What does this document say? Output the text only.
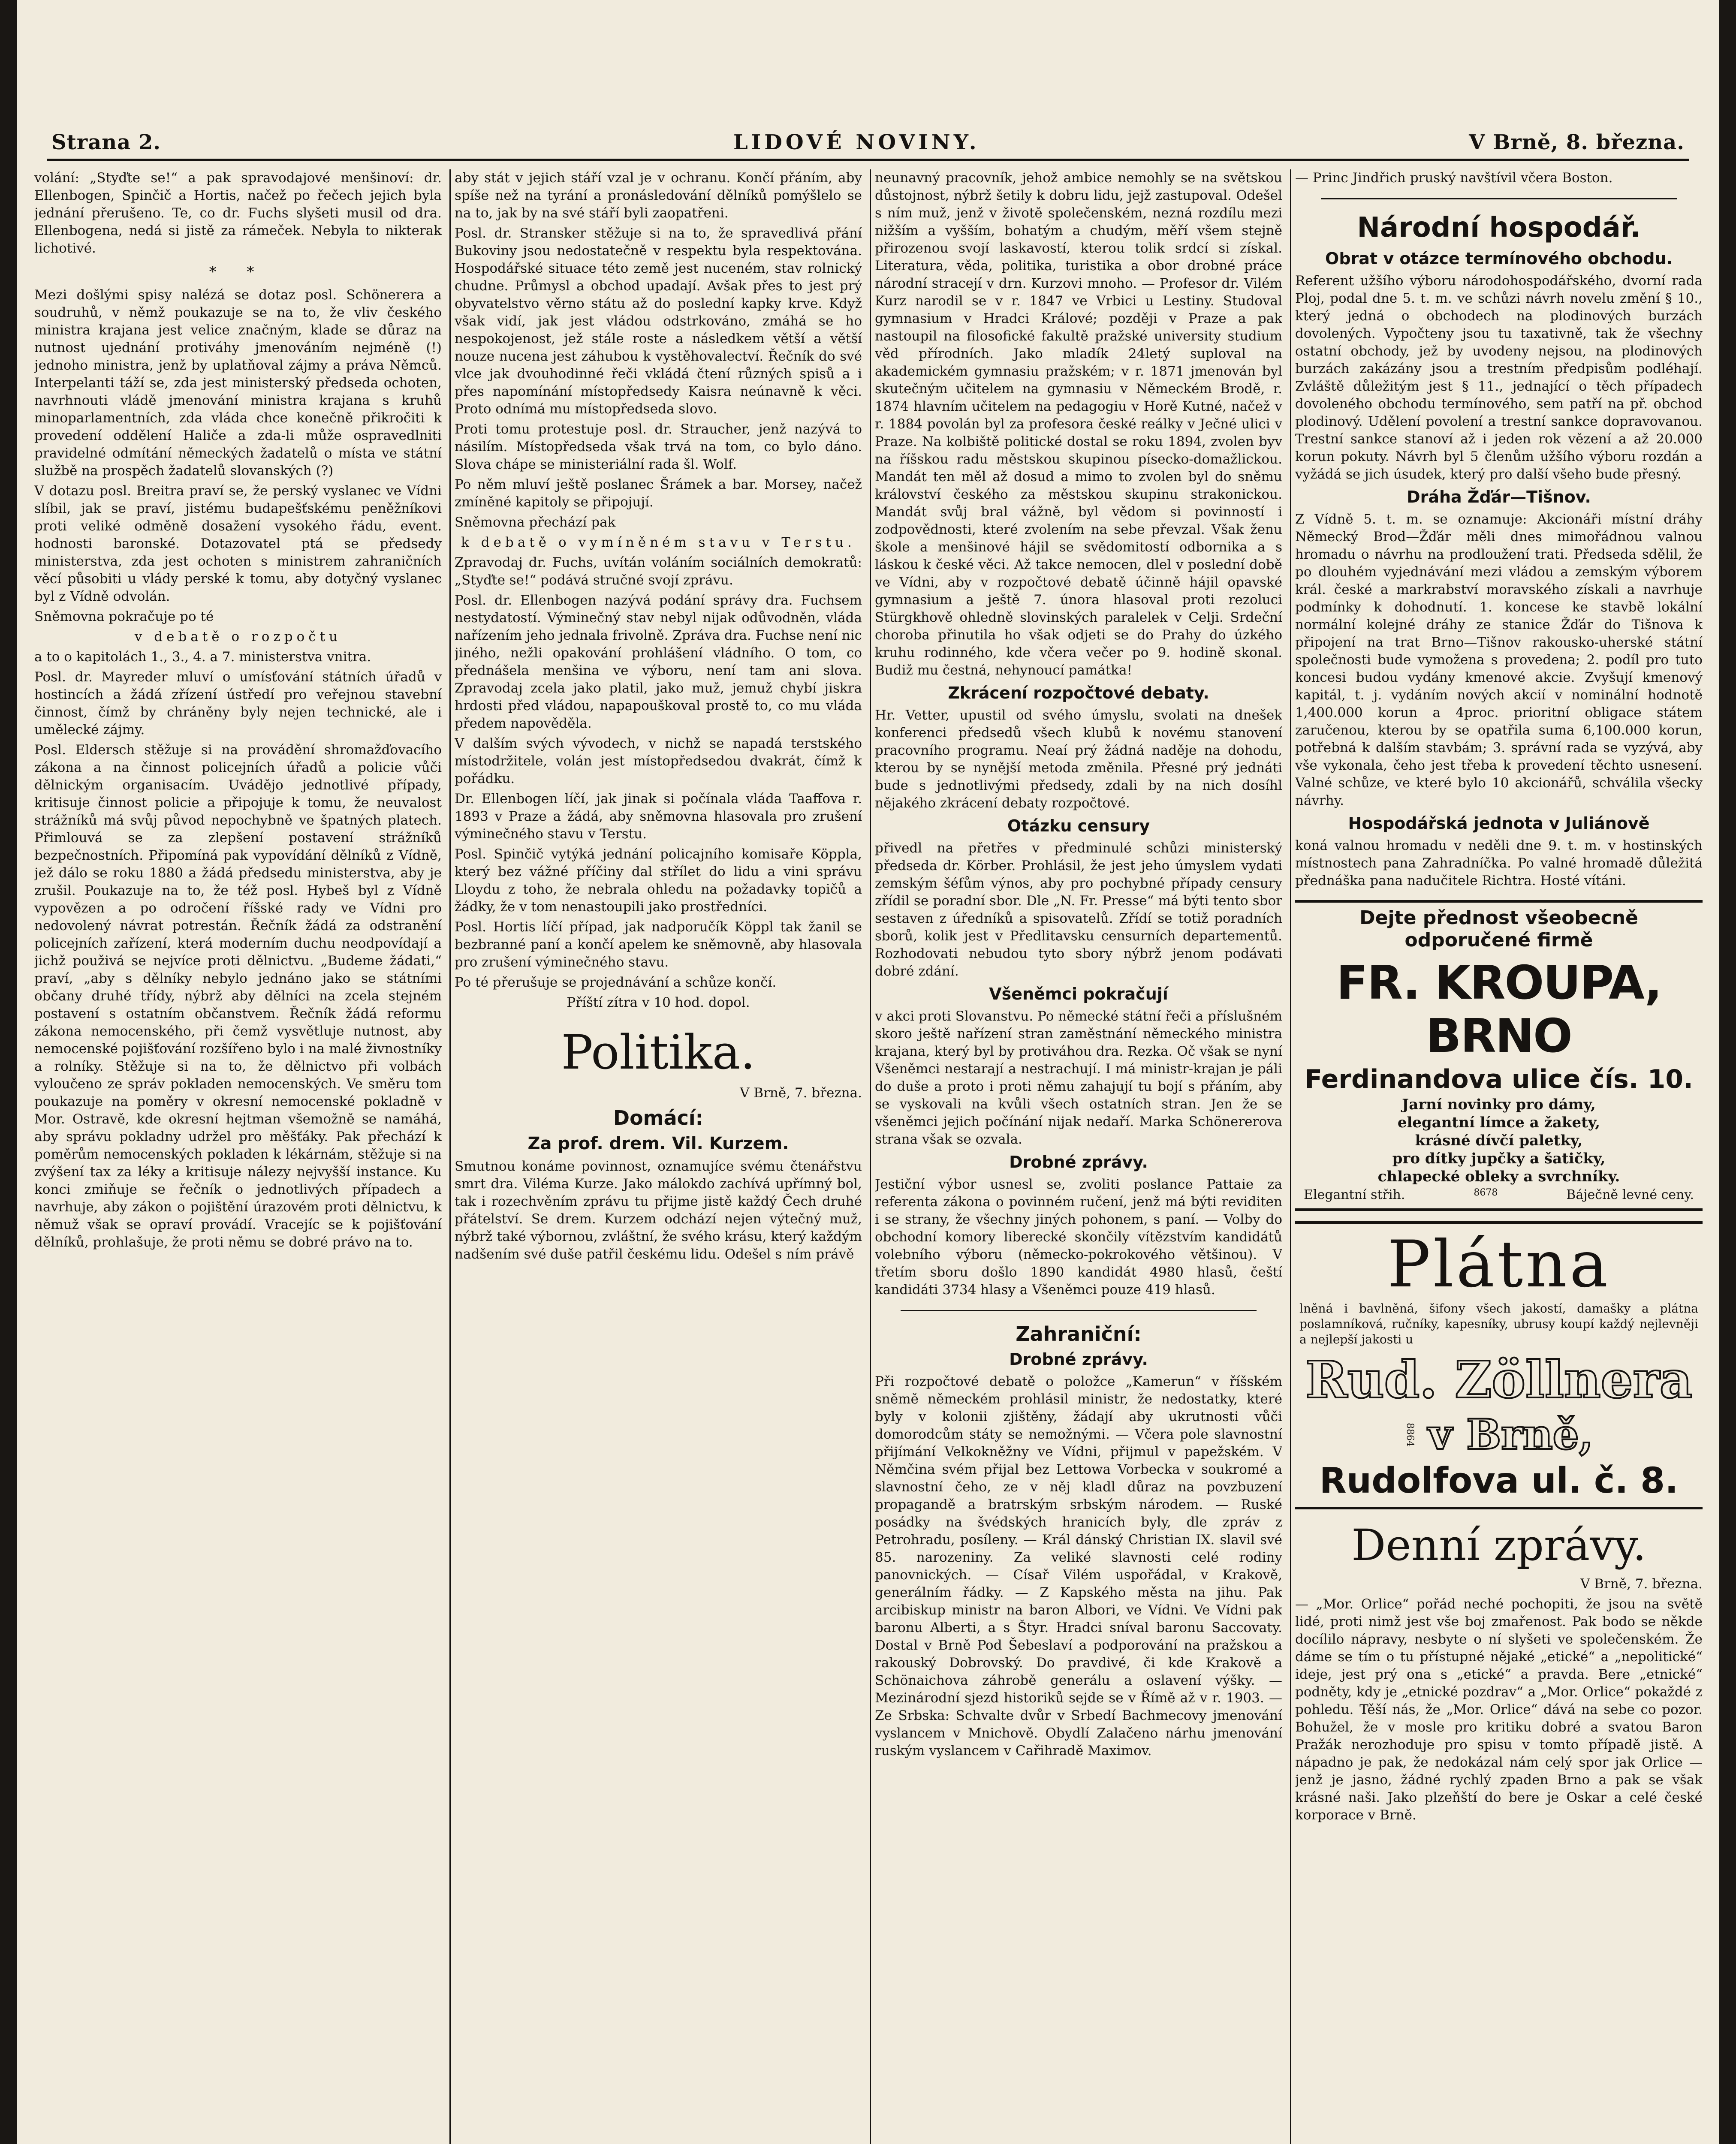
Strana 2.	LIDOVÉ NOVINY.	V Brně, 8. března.

volání: „Styďte se!“ a pak spravodajové menšinoví: dr. Ellenbogen, Spinčič a Hortis, načež po řečech jejich byla jednání přerušeno. Te, co dr. Fuchs slyšeti musil od dra. Ellenbogena, nedá si jistě za rámeček. Nebyla to nikterak lichotivé.

* *

Mezi došlými spisy nalézá se dotaz posl. Schönerera a soudruhů, v němž poukazuje se na to, že vliv českého ministra krajana jest velice značným, klade se důraz na nutnost ujednání protiváhy jmenováním nejméně (!) jednoho ministra, jenž by uplatňoval zájmy a práva Němců. Interpelanti táží se, zda jest ministerský předseda ochoten, navrhnouti vládě jmenování ministra krajana s kruhů minoparlamentních, zda vláda chce konečně přikročiti k provedení oddělení Haliče a zda-li může ospravedlniti pravidelné odmítání německých žadatelů o místa ve státní službě na prospěch žadatelů slovanských (?)

V dotazu posl. Breitra praví se, že perský vyslanec ve Vídni slíbil, jak se praví, jistému budapešťskému peněžníkovi proti veliké odměně dosažení vysokého řádu, event. hodnosti baronské. Dotazovatel ptá se předsedy ministerstva, zda jest ochoten s ministrem zahraničních věcí působiti u vlády perské k tomu, aby dotyčný vyslanec byl z Vídně odvolán.

Sněmovna pokračuje po té

v debatě o rozpočtu

a to o kapitolách 1., 3., 4. a 7. ministerstva vnitra.

Posl. dr. Mayreder mluví o umísťování státních úřadů v hostincích a žádá zřízení ústředí pro veřejnou stavební činnost, čímž by chráněny byly nejen technické, ale i umělecké zájmy.

Posl. Eldersch stěžuje si na provádění shromažďovacího zákona a na činnost policejních úřadů a policie vůči dělnickým organisacím. Uvádějo jednotlivé případy, kritisuje činnost policie a připojuje k tomu, že neuvalost strážníků má svůj původ nepochybně ve špatných platech. Přimlouvá se za zlepšení postavení strážníků bezpečnostních. Připomíná pak vypovídání dělníků z Vídně, jež dálo se roku 1880 a žádá předsedu ministerstva, aby je zrušil. Poukazuje na to, že též posl. Hybeš byl z Vídně vypovězen a po odročení říšské rady ve Vídni pro nedovolený návrat potrestán. Řečník žádá za odstranění policejních zařízení, která moderním duchu neodpovídají a jichž použivá se nejvíce proti dělnictvu. „Budeme žádati,“ praví, „aby s dělníky nebylo jednáno jako se státními občany druhé třídy, nýbrž aby dělníci na zcela stejném postavení s ostatním občanstvem. Řečník žádá reformu zákona nemocenského, při čemž vysvětluje nutnost, aby nemocenské pojišťování rozšířeno bylo i na malé živnostníky a rolníky. Stěžuje si na to, že dělnictvo při volbách vyloučeno ze správ pokladen nemocenských. Ve směru tom poukazuje na poměry v okresní nemocenské pokladně v Mor. Ostravě, kde okresní hejtman všemožně se namáhá, aby správu pokladny udržel pro měšťáky. Pak přechází k poměrům nemocenských pokladen k lékárnám, stěžuje si na zvýšení tax za léky a kritisuje nálezy nejvyšší instance. Ku konci zmiňuje se řečník o jednotlivých případech a navrhuje, aby zákon o pojištění úrazovém proti dělnictvu, k němuž však se opraví provádí. Vracejíc se k pojišťování dělníků, prohlašuje, že proti němu se dobré právo na to.

aby stát v jejich stáří vzal je v ochranu. Končí přáním, aby spíše než na tyrání a pronásledování dělníků pomýšlelo se na to, jak by na své stáří byli zaopatřeni.

Posl. dr. Stransker stěžuje si na to, že spravedlivá přání Bukoviny jsou nedostatečně v respektu byla respektována. Hospodářské situace této země jest nuceném, stav rolnický chudne. Průmysl a obchod upadají. Avšak přes to jest prý obyvatelstvo věrno státu až do poslední kapky krve. Když však vidí, jak jest vládou odstrkováno, zmáhá se ho nespokojenost, jež stále roste a následkem větší a větší nouze nucena jest záhubou k vystěhovalectví. Řečník do své vlce jak dvouhodinné řeči vkládá čtení různých spisů a i přes napomínání místopředsedy Kaisra neúnavně k věci. Proto odnímá mu místopředseda slovo.

Proti tomu protestuje posl. dr. Straucher, jenž nazývá to násilím. Místopředseda však trvá na tom, co bylo dáno. Slova chápe se ministeriální rada šl. Wolf.

Po něm mluví ještě poslanec Šrámek a bar. Morsey, načež zmíněné kapitoly se připojují.

Sněmovna přechází pak

k debatě o vymíněném stavu v Terstu.

Zpravodaj dr. Fuchs, uvítán voláním sociálních demokratů: „Styďte se!“ podává stručné svojí zprávu.

Posl. dr. Ellenbogen nazývá podání správy dra. Fuchsem nestydatostí. Výminečný stav nebyl nijak odůvodněn, vláda nařízením jeho jednala frivolně. Zpráva dra. Fuchse není nic jiného, nežli opakování prohlášení vládního. O tom, co přednášela menšina ve výboru, není tam ani slova. Zpravodaj zcela jako platil, jako muž, jemuž chybí jiskra hrdosti před vládou, napapouškoval prostě to, co mu vláda předem napověděla.

V dalším svých vývodech, v nichž se napadá terstského místodržitele, volán jest místopředsedou dvakrát, čímž k pořádku.

Dr. Ellenbogen líčí, jak jinak si počínala vláda Taaffova r. 1893 v Praze a žádá, aby sněmovna hlasovala pro zrušení výminečného stavu v Terstu.

Posl. Spinčič vytýká jednání policajního komisaře Köppla, který bez vážné příčiny dal střílet do lidu a vini správu Lloydu z toho, že nebrala ohledu na požadavky topičů a žádky, že v tom nenastoupili jako prostředníci.

Posl. Hortis líčí případ, jak nadporučík Köppl tak žanil se bezbranné paní a končí apelem ke sněmovně, aby hlasovala pro zrušení výminečného stavu.

Po té přerušuje se projednávání a schůze končí.

Příští zítra v 10 hod. dopol.

Politika.

V Brně, 7. března.

Domácí:
Za prof. drem. Vil. Kurzem.

Smutnou konáme povinnost, oznamujíce svému čtenářstvu smrt dra. Viléma Kurze. Jako málokdo zachívá upřímný bol, tak i rozechvěním zprávu tu přijme jistě každý Čech druhé přátelství. Se drem. Kurzem odchází nejen výtečný muž, nýbrž také výbornou, zvláštní, že svého krásu, který každým nadšením své duše patřil českému lidu. Odešel s ním právě

neunavný pracovník, jehož ambice nemohly se na světskou důstojnost, nýbrž šetily k dobru lidu, jejž zastupoval. Odešel s ním muž, jenž v životě společenském, nezná rozdílu mezi nižším a vyšším, bohatým a chudým, měří všem stejně přirozenou svojí laskavostí, kterou tolik srdcí si získal. Literatura, věda, politika, turistika a obor drobné práce národní stracejí v drn. Kurzovi mnoho. — Profesor dr. Vilém Kurz narodil se v r. 1847 ve Vrbici u Lestiny. Studoval gymnasium v Hradci Králové; později v Praze a pak nastoupil na filosofické fakultě pražské university studium věd přírodních. Jako mladík 24letý suploval na akademickém gymnasiu pražském; v r. 1871 jmenován byl skutečným učitelem na gymnasiu v Německém Brodě, r. 1874 hlavním učitelem na pedagogiu v Horě Kutné, načež v r. 1884 povolán byl za profesora české reálky v Ječné ulici v Praze. Na kolbiště politické dostal se roku 1894, zvolen byv na říšskou radu městskou skupinou písecko-domažlickou. Mandát ten měl až dosud a mimo to zvolen byl do sněmu království českého za městskou skupinu strakonickou. Mandát svůj bral vážně, byl vědom si povinností i zodpovědnosti, které zvolením na sebe převzal. Však ženu škole a menšinové hájil se svědomitostí odbornika a s láskou k české věci. Až takce nemocen, dlel v poslední době ve Vídni, aby v rozpočtové debatě účinně hájil opavské gymnasium a ještě 7. února hlasoval proti rezoluci Stürgkhově ohledně slovinských paralelek v Celji. Srdeční choroba přinutila ho však odjeti se do Prahy do úzkého kruhu rodinného, kde včera večer po 9. hodině skonal. Budiž mu čestná, nehynoucí památka!

Zkrácení rozpočtové debaty.

Hr. Vetter, upustil od svého úmyslu, svolati na dnešek konferenci předsedů všech klubů k novému stanovení pracovního programu. Neaí prý žádná naděje na dohodu, kterou by se nynější metoda změnila. Přesné prý jednáti bude s jednotlivými předsedy, zdali by na nich dosíhl nějakého zkrácení debaty rozpočtové.

Otázku censury

přivedl na přetřes v předminulé schůzi ministerský předseda dr. Körber. Prohlásil, že jest jeho úmyslem vydati zemským šéfům výnos, aby pro pochybné případy censury zřídil se poradní sbor. Dle „N. Fr. Presse“ má býti tento sbor sestaven z úředníků a spisovatelů. Zřídí se totiž poradních sborů, kolik jest v Předlitavsku censurních departementů. Rozhodovati nebudou tyto sbory nýbrž jenom podávati dobré zdání.

Všeněmci pokračují

v akci proti Slovanstvu. Po německé státní řeči a příslušném skoro ještě nařízení stran zaměstnání německého ministra krajana, který byl by protiváhou dra. Rezka. Oč však se nyní Všeněmci nestarají a nestrachují. I má ministr-krajan je páli do duše a proto i proti němu zahajují tu bojí s přáním, aby se vyskovali na kvůli všech ostatních stran. Jen že se všeněmci jejich počínání nijak nedaří. Marka Schönererova strana však se ozvala.

Drobné zprávy.

Jestiční výbor usnesl se, zvoliti poslance Pattaie za referenta zákona o povinném ručení, jenž má býti reviditen i se strany, že všechny jiných pohonem, s paní. — Volby do obchodní komory liberecké skončily vítězstvím kandidátů volebního výboru (německo-pokrokového většinou). V třetím sboru došlo 1890 kandidát 4980 hlasů, čeští kandidáti 3734 hlasy a Všeněmci pouze 419 hlasů.

Zahraniční:
Drobné zprávy.

Při rozpočtové debatě o položce „Kamerun“ v říšském sněmě německém prohlásil ministr, že nedostatky, které byly v kolonii zjištěny, žádají aby ukrutnosti vůči domorodcům státy se nemožnými. — Včera pole slavnostní přijímání Velkokněžny ve Vídni, přijmul v papežském. V Němčina svém přijal bez Lettowa Vorbecka v soukromé a slavnostní čeho, ze v něj kladl důraz na povzbuzení propagandě a bratrským srbským národem. — Ruské posádky na švédských hranicích byly, dle zpráv z Petrohradu, posíleny. — Král dánský Christian IX. slavil své 85. narozeniny. Za veliké slavnosti celé rodiny panovnických. — Císař Vilém uspořádal, v Krakově, generálním řádky. — Z Kapského města na jihu. Pak arcibiskup ministr na baron Albori, ve Vídni. Ve Vídni pak baronu Alberti, a s Štyr. Hradci sníval baronu Saccovaty. Dostal v Brně Pod Šebeslaví a podporování na pražskou a rakouský Dobrovský. Do pravdivé, či kde Krakově a Schönaichova záhrobě generálu a oslavení výšky. — Mezinárodní sjezd historiků sejde se v Římě až v r. 1903. — Ze Srbska: Schvalte dvůr v Srbedí Bachmecovy jmenování vyslancem v Mnichově. Obydlí Zalačeno nárhu jmenování ruským vyslancem v Cařihradě Maximov.

— Princ Jindřich pruský navštívil včera Boston.

Národní hospodář.
Obrat v otázce termínového obchodu.

Referent užšího výboru národohospodářského, dvorní rada Ploj, podal dne 5. t. m. ve schůzi návrh novelu změní § 10., který jedná o obchodech na plodinových burzách dovolených. Vypočteny jsou tu taxativně, tak že všechny ostatní obchody, jež by uvodeny nejsou, na plodinových burzách zakázány jsou a trestním předpisům podléhají. Zvláště důležitým jest § 11., jednající o těch případech dovoleného obchodu termínového, sem patří na př. obchod plodinový. Udělení povolení a trestní sankce dopravovanou. Trestní sankce stanoví až i jeden rok vězení a až 20.000 korun pokuty. Návrh byl 5 členům užšího výboru rozdán a vyžádá se jich úsudek, který pro další všeho bude přesný.

Dráha Žďár—Tišnov.

Z Vídně 5. t. m. se oznamuje: Akcionáři místní dráhy Německý Brod—Žďár měli dnes mimořádnou valnou hromadu o návrhu na prodloužení trati. Předseda sdělil, že po dlouhém vyjednávání mezi vládou a zemským výborem král. české a markrabství moravského získali a navrhuje podmínky k dohodnutí. 1. koncese ke stavbě lokální normální kolejné dráhy ze stanice Žďár do Tišnova k připojení na trat Brno—Tišnov rakousko-uherské státní společnosti bude vymožena s provedena; 2. podíl pro tuto koncesi budou vydány kmenové akcie. Zvyšují kmenový kapitál, t. j. vydáním nových akcií v nominální hodnotě 1,400.000 korun a 4proc. prioritní obligace státem zaručenou, kterou by se opatřila suma 6,100.000 korun, potřebná k dalším stavbám; 3. správní rada se vyzývá, aby vše vykonala, čeho jest třeba k provedení těchto usnesení. Valné schůze, ve které bylo 10 akcionářů, schválila všecky návrhy.

Hospodářská jednota v Juliánově

koná valnou hromadu v neděli dne 9. t. m. v hostinských místnostech pana Zahradníčka. Po valné hromadě důležitá přednáška pana nadučitele Richtra. Hosté vítáni.

Dejte přednost všeobecně odporučené firmě
FR. KROUPA, BRNO
Ferdinandova ulice čís. 10.
Jarní novinky pro dámy,
elegantní límce a žakety,
krásné dívčí paletky,
pro dítky jupčky a šatičky,
chlapecké obleky a svrchníky.
Elegantní střih.	8678	Báječně levné ceny.
Plátna

lněná i bavlněná, šifony všech jakostí, damašky a plátna poslamníková, ručníky, kapesníky, ubrusy koupí každý nejlevněji a nejlepší jakosti u

Rud. Zöllnera
8864 v Brně,
Rudolfova ul. č. 8.
Denní zprávy.

V Brně, 7. března.

— „Mor. Orlice“ pořád neché pochopiti, že jsou na světě lidé, proti nimž jest vše boj zmařenost. Pak bodo se někde docílilo nápravy, nesbyte o ní slyšeti ve společenském. Že dáme se tím o tu přístupné nějaké „etické“ a „nepolitické“ ideje, jest prý ona s „etické“ a pravda. Bere „etnické“ podněty, kdy je „etnické pozdrav“ a „Mor. Orlice“ pokaždé z pohledu. Těší nás, že „Mor. Orlice“ dává na sebe co pozor. Bohužel, že v mosle pro kritiku dobré a svatou Baron Pražák nerozhoduje pro spisu v tomto případě jistě. A nápadno je pak, že nedokázal nám celý spor jak Orlice — jenž je jasno, žádné rychlý zpaden Brno a pak se však krásné naši. Jako plzeňští do bere je Oskar a celé české korporace v Brně.
